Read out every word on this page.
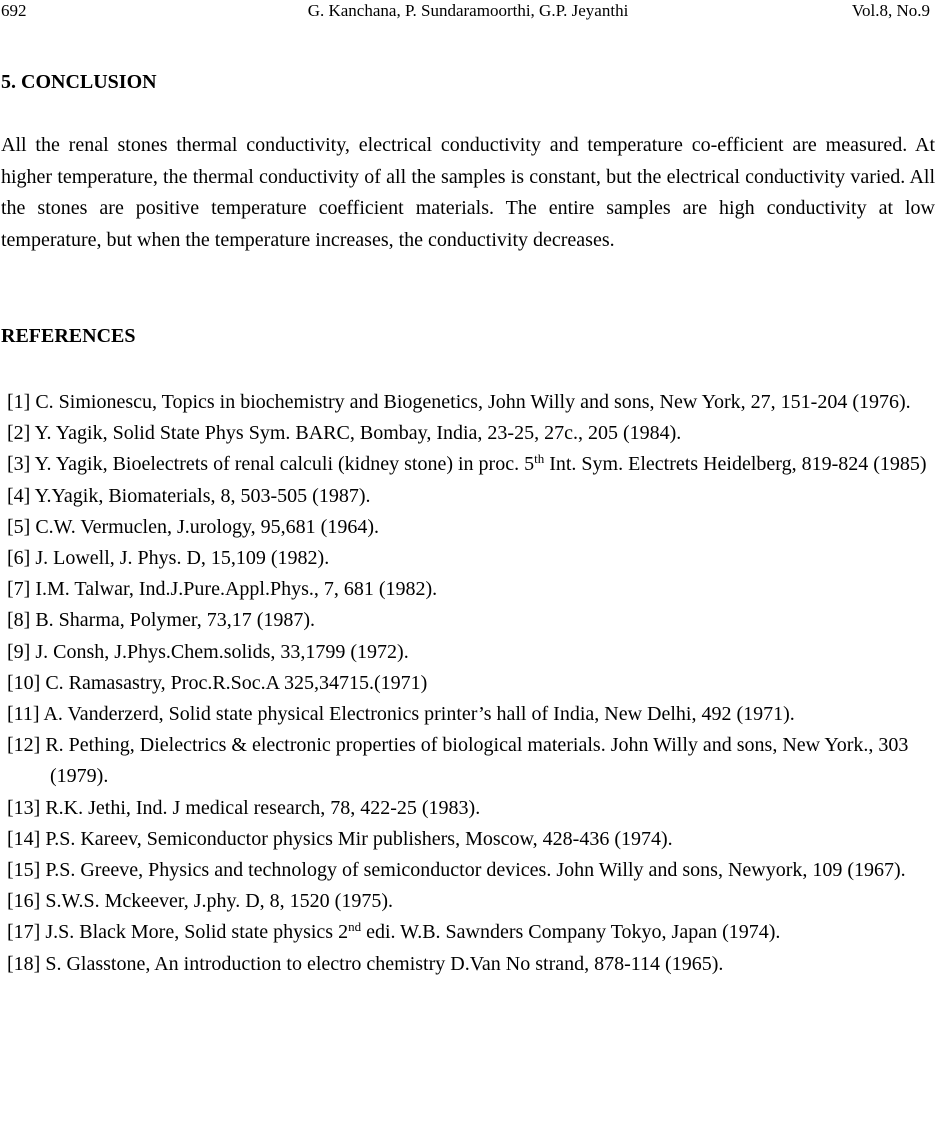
692	G. Kanchana, P. Sundaramoorthi, G.P. Jeyanthi	Vol.8, No.9
5. CONCLUSION

All the renal stones thermal conductivity, electrical conductivity and temperature co-efficient are measured. At higher temperature, the thermal conductivity of all the samples is constant, but the electrical conductivity varied. All the stones are positive temperature coefficient materials. The entire samples are high conductivity at low temperature, but when the temperature increases, the conductivity decreases.

REFERENCES
[1] C. Simionescu, Topics in biochemistry and Biogenetics, John Willy and sons, New York, 27, 151-204 (1976).
[2] Y. Yagik, Solid State Phys Sym. BARC, Bombay, India, 23-25, 27c., 205 (1984).
[3] Y. Yagik, Bioelectrets of renal calculi (kidney stone) in proc. 5th Int. Sym. Electrets Heidelberg, 819-824 (1985)
[4] Y.Yagik, Biomaterials, 8, 503-505 (1987).
[5] C.W. Vermuclen, J.urology, 95,681 (1964).
[6] J. Lowell, J. Phys. D, 15,109 (1982).
[7] I.M. Talwar, Ind.J.Pure.Appl.Phys., 7, 681 (1982).
[8] B. Sharma, Polymer, 73,17 (1987).
[9] J. Consh, J.Phys.Chem.solids, 33,1799 (1972).
[10] C. Ramasastry, Proc.R.Soc.A 325,34715.(1971)
[11] A. Vanderzerd, Solid state physical Electronics printer’s hall of India, New Delhi, 492 (1971).
[12] R. Pething, Dielectrics & electronic properties of biological materials. John Willy and sons, New York., 303 (1979).
[13] R.K. Jethi, Ind. J medical research, 78, 422-25 (1983).
[14] P.S. Kareev, Semiconductor physics Mir publishers, Moscow, 428-436 (1974).
[15] P.S. Greeve, Physics and technology of semiconductor devices. John Willy and sons, Newyork, 109 (1967).
[16] S.W.S. Mckeever, J.phy. D, 8, 1520 (1975).
[17] J.S. Black More, Solid state physics 2nd edi. W.B. Sawnders Company Tokyo, Japan (1974).
[18] S. Glasstone, An introduction to electro chemistry D.Van No strand, 878-114 (1965).
